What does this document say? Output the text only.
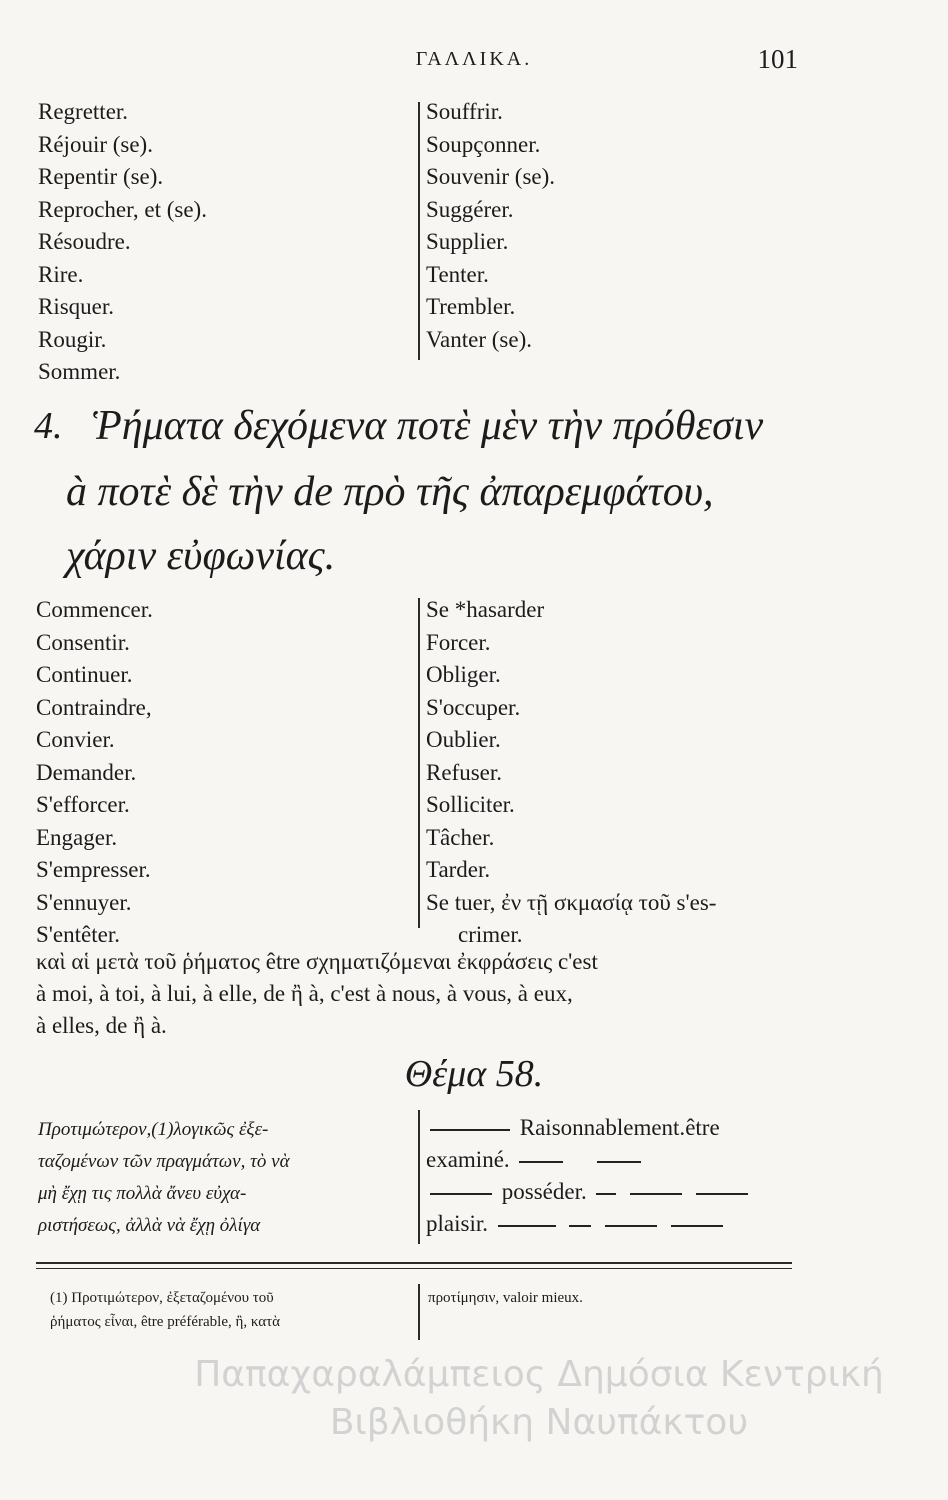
ΓΑΛΛΙΚΑ.	101
Regretter.
Réjouir (se).
Repentir (se).
Reprocher, et (se).
Résoudre.
Rire.
Risquer.
Rougir.
Sommer.
Souffrir.
Soupçonner.
Souvenir (se).
Suggérer.
Supplier.
Tenter.
Trembler.
Vanter (se).
4. Ῥήματα δεχόμενα ποτὲ μὲν τὴν πρόθεσιν
à ποτὲ δὲ τὴν de πρὸ τῆς ἀπαρεμφάτου,
χάριν εὐφωνίας.
Commencer.
Consentir.
Continuer.
Contraindre,
Convier.
Demander.
S'efforcer.
Engager.
S'empresser.
S'ennuyer.
S'entêter.
Se *hasarder
Forcer.
Obliger.
S'occuper.
Oublier.
Refuser.
Solliciter.
Tâcher.
Tarder.
Se tuer, ἐν τῇ σκμασίᾳ τοῦ s'es-
crimer.
καὶ αἱ μετὰ τοῦ ῥήματος être σχηματιζόμεναι ἐκφράσεις c'est
à moi, à toi, à lui, à elle, de ἢ à, c'est à nous, à vous, à eux,
à elles, de ἢ à.
Θέμα 58.
Προτιμώτερον,(1)λογικῶς ἐξε-
ταζομένων τῶν πραγμάτων, τὸ νὰ
μὴ ἔχῃ τις πολλὰ ἄνευ εὐχα-
ριστήσεως, ἀλλὰ νὰ ἔχῃ ὀλίγα
Raisonnablement.être
examiné.
posséder.
plaisir.
(1) Προτιμώτερον, ἐξεταζομένου τοῦ
ῥήματος εἶναι, être préférable, ἢ, κατὰ
προτίμησιν, valoir mieux.
Παπαχαραλάμπειος Δημόσια Κεντρική
Βιβλιοθήκη Ναυπάκτου
